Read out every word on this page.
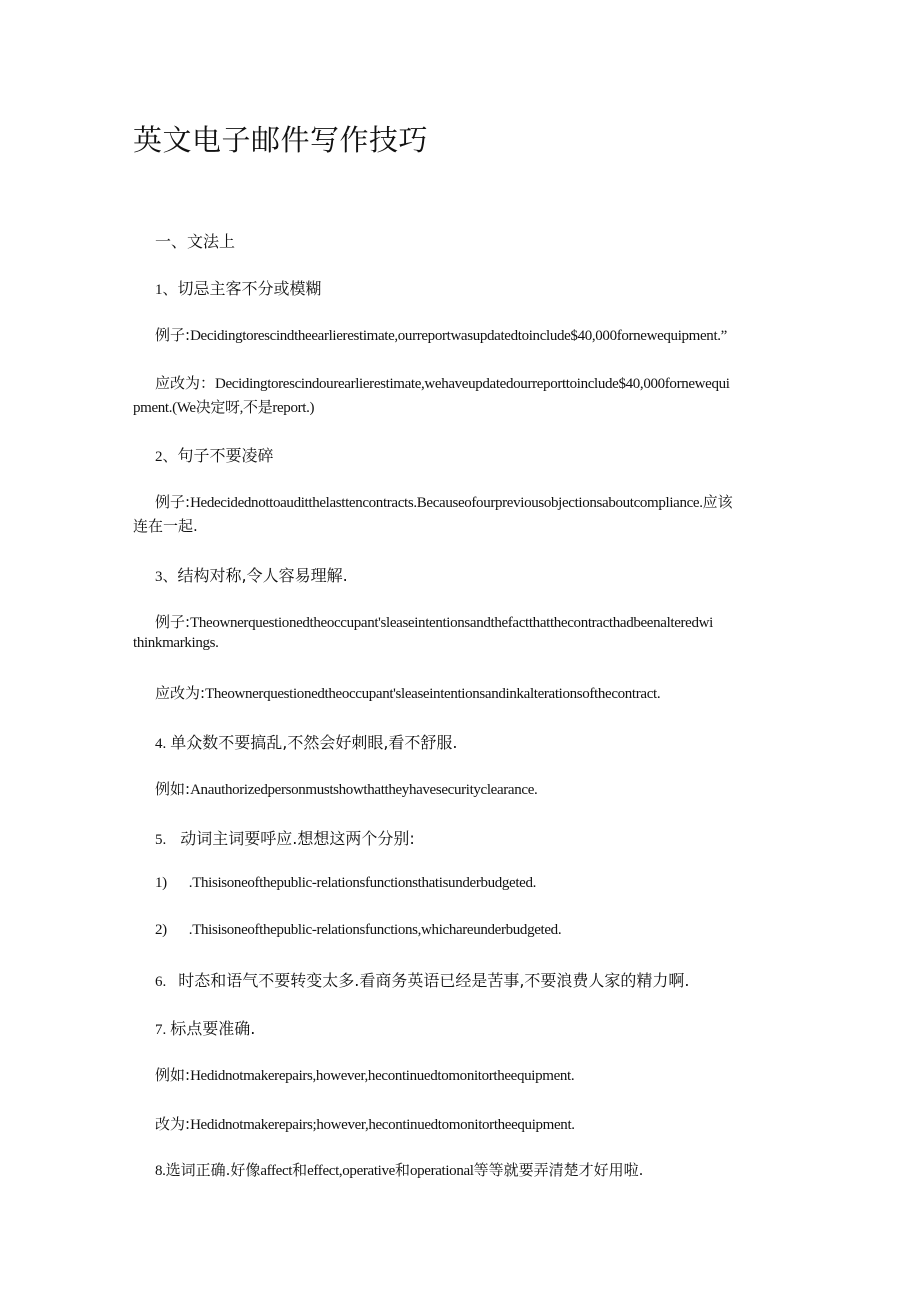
英文电子邮件写作技巧
一、文法上
1、切忌主客不分或模糊
例子:Decidingtorescindtheearlierestimate,ourreportwasupdatedtoinclude$40,000fornewequipment.”
应改为：Decidingtorescindourearlierestimate,wehaveupdatedourreporttoinclude$40,000fornewequi
pment.(We决定呀,不是report.)
2、句子不要凌碎
例子:Hedecidednottoauditthelasttencontracts.Becauseofourpreviousobjectionsaboutcompliance.应该
连在一起.
3、结构对称,令人容易理解.
例子:Theownerquestionedtheoccupant'sleaseintentionsandthefactthatthecontracthadbeenalteredwi
thinkmarkings.
应改为:Theownerquestionedtheoccupant'sleaseintentionsandinkalterationsofthecontract.
4. 单众数不要搞乱,不然会好刺眼,看不舒服.
例如:Anauthorizedpersonmustshowthattheyhavesecurityclearance.
5. 动词主词要呼应.想想这两个分别:
1) .Thisisoneofthepublic-relationsfunctionsthatisunderbudgeted.
2) .Thisisoneofthepublic-relationsfunctions,whichareunderbudgeted.
6. 时态和语气不要转变太多.看商务英语已经是苦事,不要浪费人家的精力啊.
7. 标点要准确.
例如:Hedidnotmakerepairs,however,hecontinuedtomonitortheequipment.
改为:Hedidnotmakerepairs;however,hecontinuedtomonitortheequipment.
8.选词正确.好像affect和effect,operative和operational等等就要弄清楚才好用啦.
